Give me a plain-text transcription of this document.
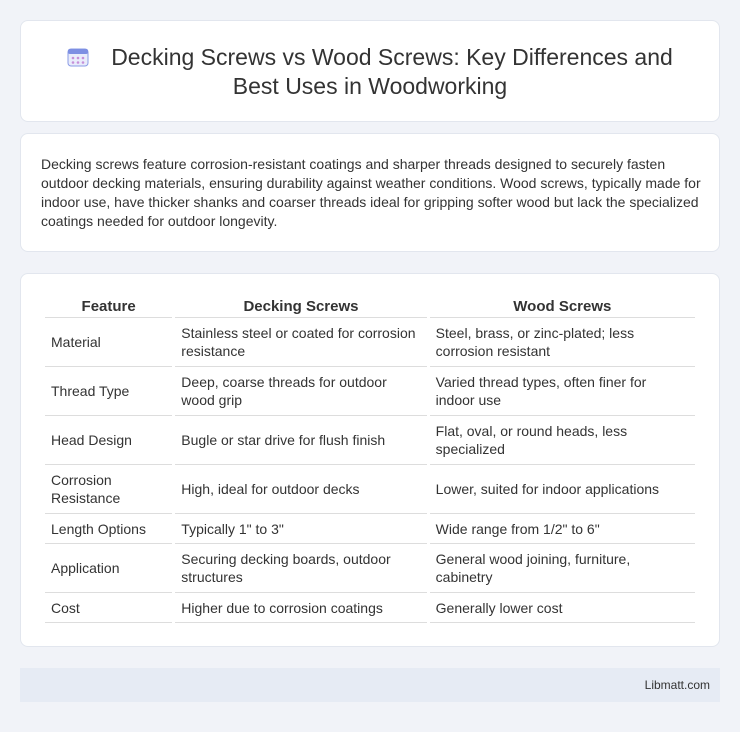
Decking Screws vs Wood Screws: Key Differences and Best Uses in Woodworking

Decking screws feature corrosion-resistant coatings and sharper threads designed to securely fasten outdoor decking materials, ensuring durability against weather conditions. Wood screws, typically made for indoor use, have thicker shanks and coarser threads ideal for gripping softer wood but lack the specialized coatings needed for outdoor longevity.

Feature	Decking Screws	Wood Screws
Material	Stainless steel or coated for corrosion resistance	Steel, brass, or zinc-plated; less corrosion resistant
Thread Type	Deep, coarse threads for outdoor wood grip	Varied thread types, often finer for indoor use
Head Design	Bugle or star drive for flush finish	Flat, oval, or round heads, less specialized
Corrosion Resistance	High, ideal for outdoor decks	Lower, suited for indoor applications
Length Options	Typically 1" to 3"	Wide range from 1/2" to 6"
Application	Securing decking boards, outdoor structures	General wood joining, furniture, cabinetry
Cost	Higher due to corrosion coatings	Generally lower cost
Libmatt.com
